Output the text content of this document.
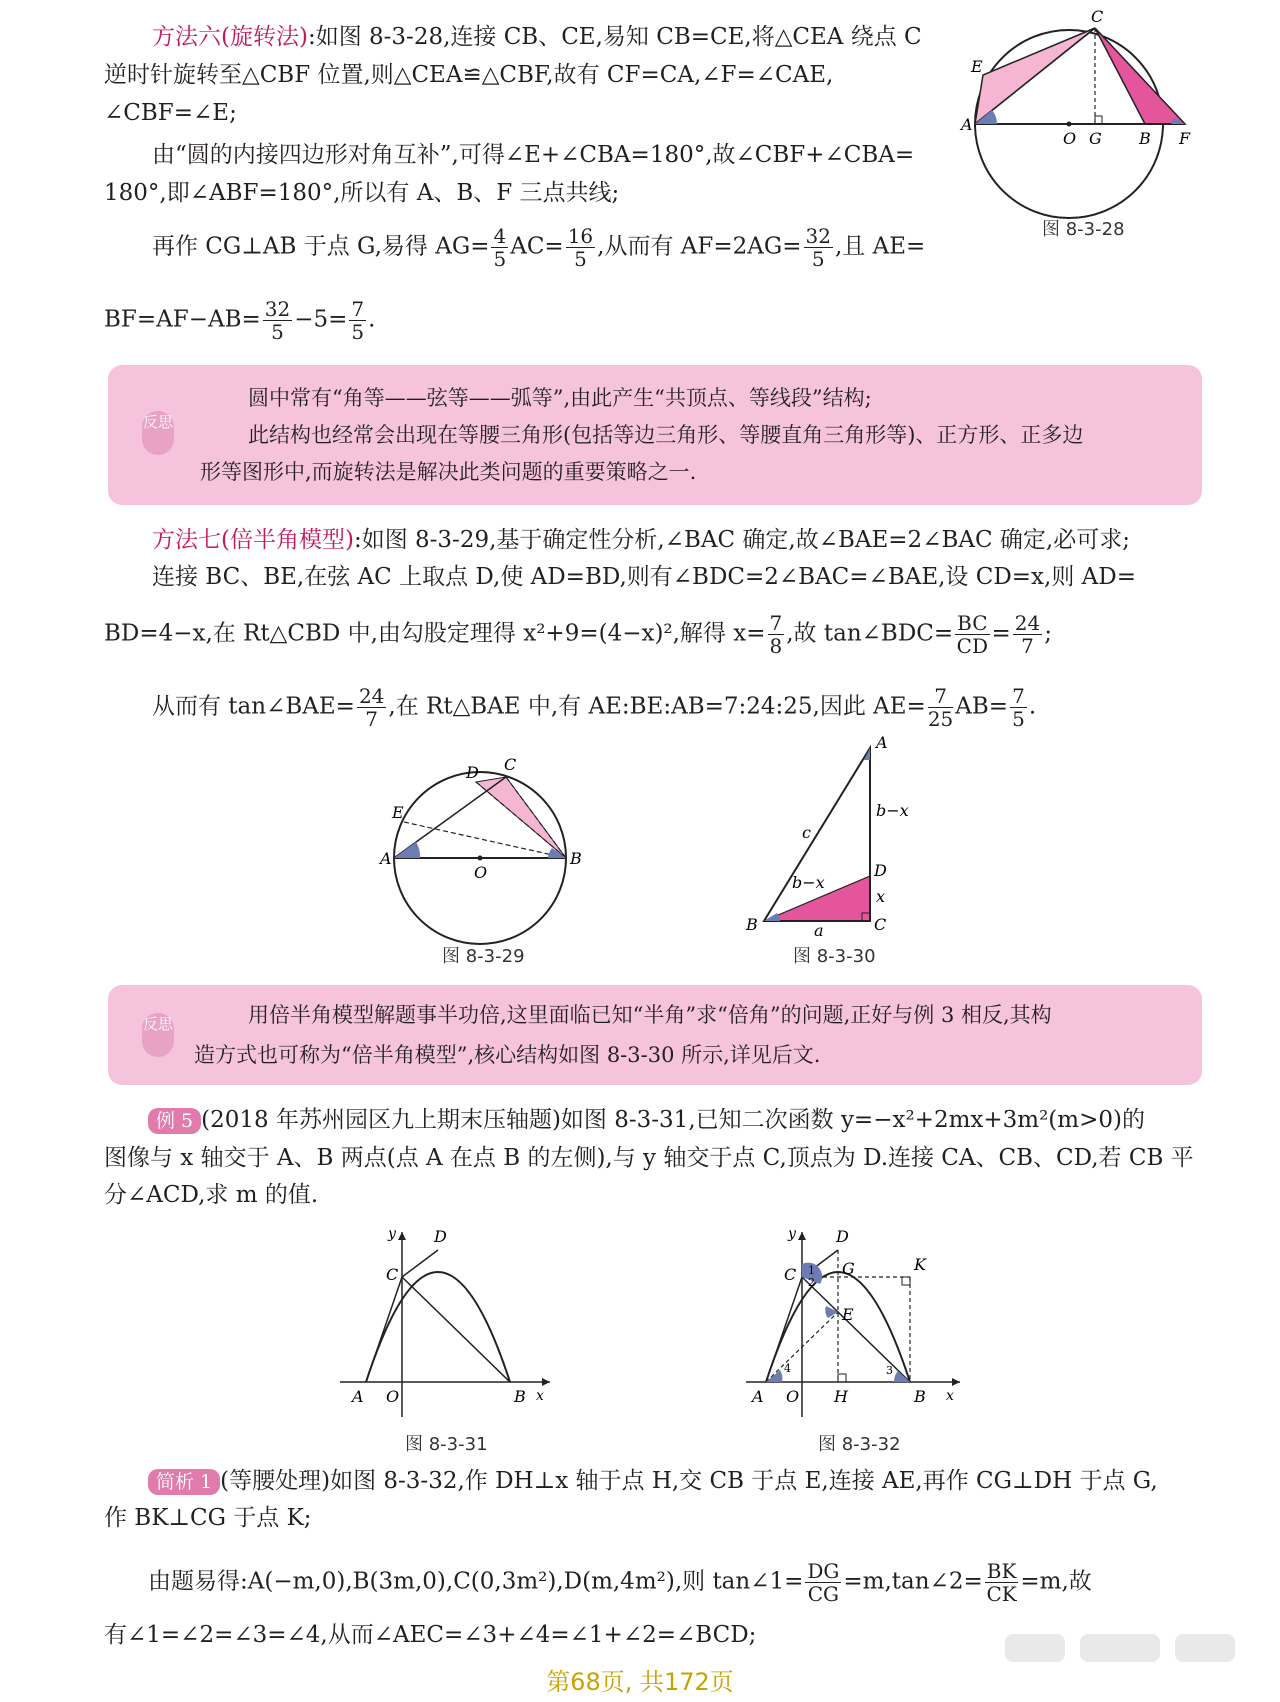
方法六(旋转法):如图 8-3-28,连接 CB、CE,易知 CB=CE,将△CEA 绕点 C
逆时针旋转至△CBF 位置,则△CEA≌△CBF,故有 CF=CA,∠F=∠CAE,
∠CBF=∠E;
由“圆的内接四边形对角互补”,可得∠E+∠CBA=180°,故∠CBF+∠CBA=
180°,即∠ABF=180°,所以有 A、B、F 三点共线;
再作 CG⊥AB 于点 G,易得 $AG= \frac{4}{5} AC= \frac{16}{5}$ ,从而有 $AF=2AG= \frac{32}{5}$ ,且 AE=
$BF=AF-AB= \frac{32}{5} -5= \frac{7}{5}$ .
A
E
C
O G B F
图 8-3-28
反思
圆中常有“角等——弦等——弧等”,由此产生“共顶点、等线段”结构;
此结构也经常会出现在等腰三角形(包括等边三角形、等腰直角三角形等)、正方形、正多边
形等图形中,而旋转法是解决此类问题的重要策略之一.
方法七(倍半角模型):如图 8-3-29,基于确定性分析,∠BAC 确定,故∠BAE=2∠BAC 确定,必可求;
连接 BC、BE,在弦 AC 上取点 D,使 AD=BD,则有∠BDC=2∠BAC=∠BAE,设 CD=x,则 AD=
BD=4−x,在 Rt△CBD 中,由勾股定理得 x²+9=(4−x)²,解得 $x= \frac{7}{8}$ ,故 tan∠BDC= $\frac{BC}{CD} = \frac{24}{7}$ ;
从而有 tan∠BAE= $\frac{24}{7}$ ,在 Rt△BAE 中,有 AE:BE:AB=7:24:25,因此 $AE= \frac{7}{25} AB= \frac{7}{5}$ .
A
E
D C
B
O
图 8-3-29
A
b−x
c
D
b−x
x
B	a	C
图 8-3-30
反思	用倍半角模型解题事半功倍,这里面临已知“半角”求“倍角”的问题,正好与例 3 相反,其构
造方式也可称为“倍半角模型”,核心结构如图 8-3-30 所示,详见后文.
例 5 (2018 年苏州园区九上期末压轴题)如图 8-3-31,已知二次函数 y=−x²+2mx+3m²(m>0)的
图像与 x 轴交于 A、B 两点(点 A 在点 B 的左侧),与 y 轴交于点 C,顶点为 D.连接 CA、CB、CD,若 CB 平
分∠ACD,求 m 的值.
y D
C
A O	B x
图 8-3-31
y	D
K
C 1
2
G
E
4	3
A O H	B x
图 8-3-32
简析 1 (等腰处理)如图 8-3-32,作 DH⊥x 轴于点 H,交 CB 于点 E,连接 AE,再作 CG⊥DH 于点 G,
作 BK⊥CG 于点 K;
由题易得:A(−m,0),B(3m,0),C(0,3m²),D(m,4m²),则 tan∠1= $\frac{DG}{CG}$ =m,tan∠2= $\frac{BK}{CK} =m$,故
有∠1=∠2=∠3=∠4,从而∠AEC=∠3+∠4=∠1+∠2=∠BCD;
第68页, 共172页
